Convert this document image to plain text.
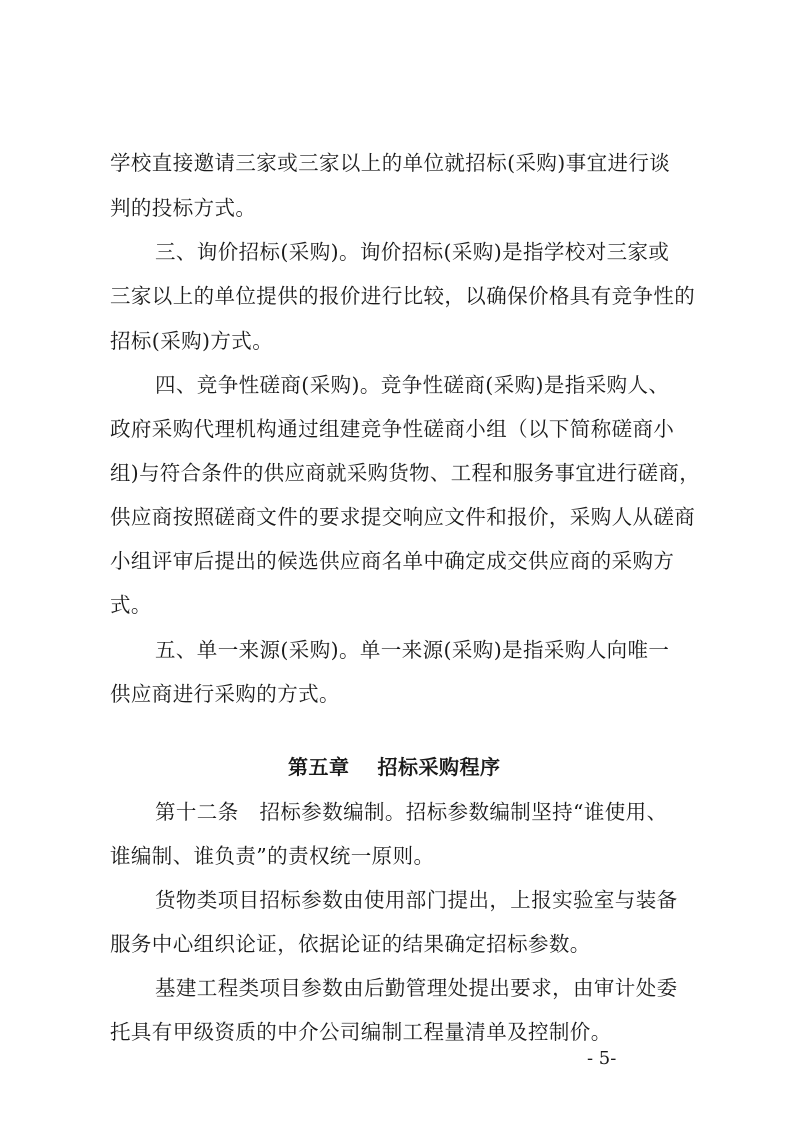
学校直接邀请三家或三家以上的单位就招标(采购)事宜进行谈
判的投标方式。
三、询价招标(采购)。询价招标(采购)是指学校对三家或
三家以上的单位提供的报价进行比较，以确保价格具有竞争性的
招标(采购)方式。
四、竞争性磋商(采购)。竞争性磋商(采购)是指采购人、
政府采购代理机构通过组建竞争性磋商小组（以下简称磋商小
组)与符合条件的供应商就采购货物、工程和服务事宜进行磋商，
供应商按照磋商文件的要求提交响应文件和报价，采购人从磋商
小组评审后提出的候选供应商名单中确定成交供应商的采购方
式。
五、单一来源(采购)。单一来源(采购)是指采购人向唯一
供应商进行采购的方式。
第五章　 招标采购程序
第十二条　招标参数编制。招标参数编制坚持“谁使用、
谁编制、谁负责”的责权统一原则。
货物类项目招标参数由使用部门提出，上报实验室与装备
服务中心组织论证，依据论证的结果确定招标参数。
基建工程类项目参数由后勤管理处提出要求，由审计处委
托具有甲级资质的中介公司编制工程量清单及控制价。
- 5-
